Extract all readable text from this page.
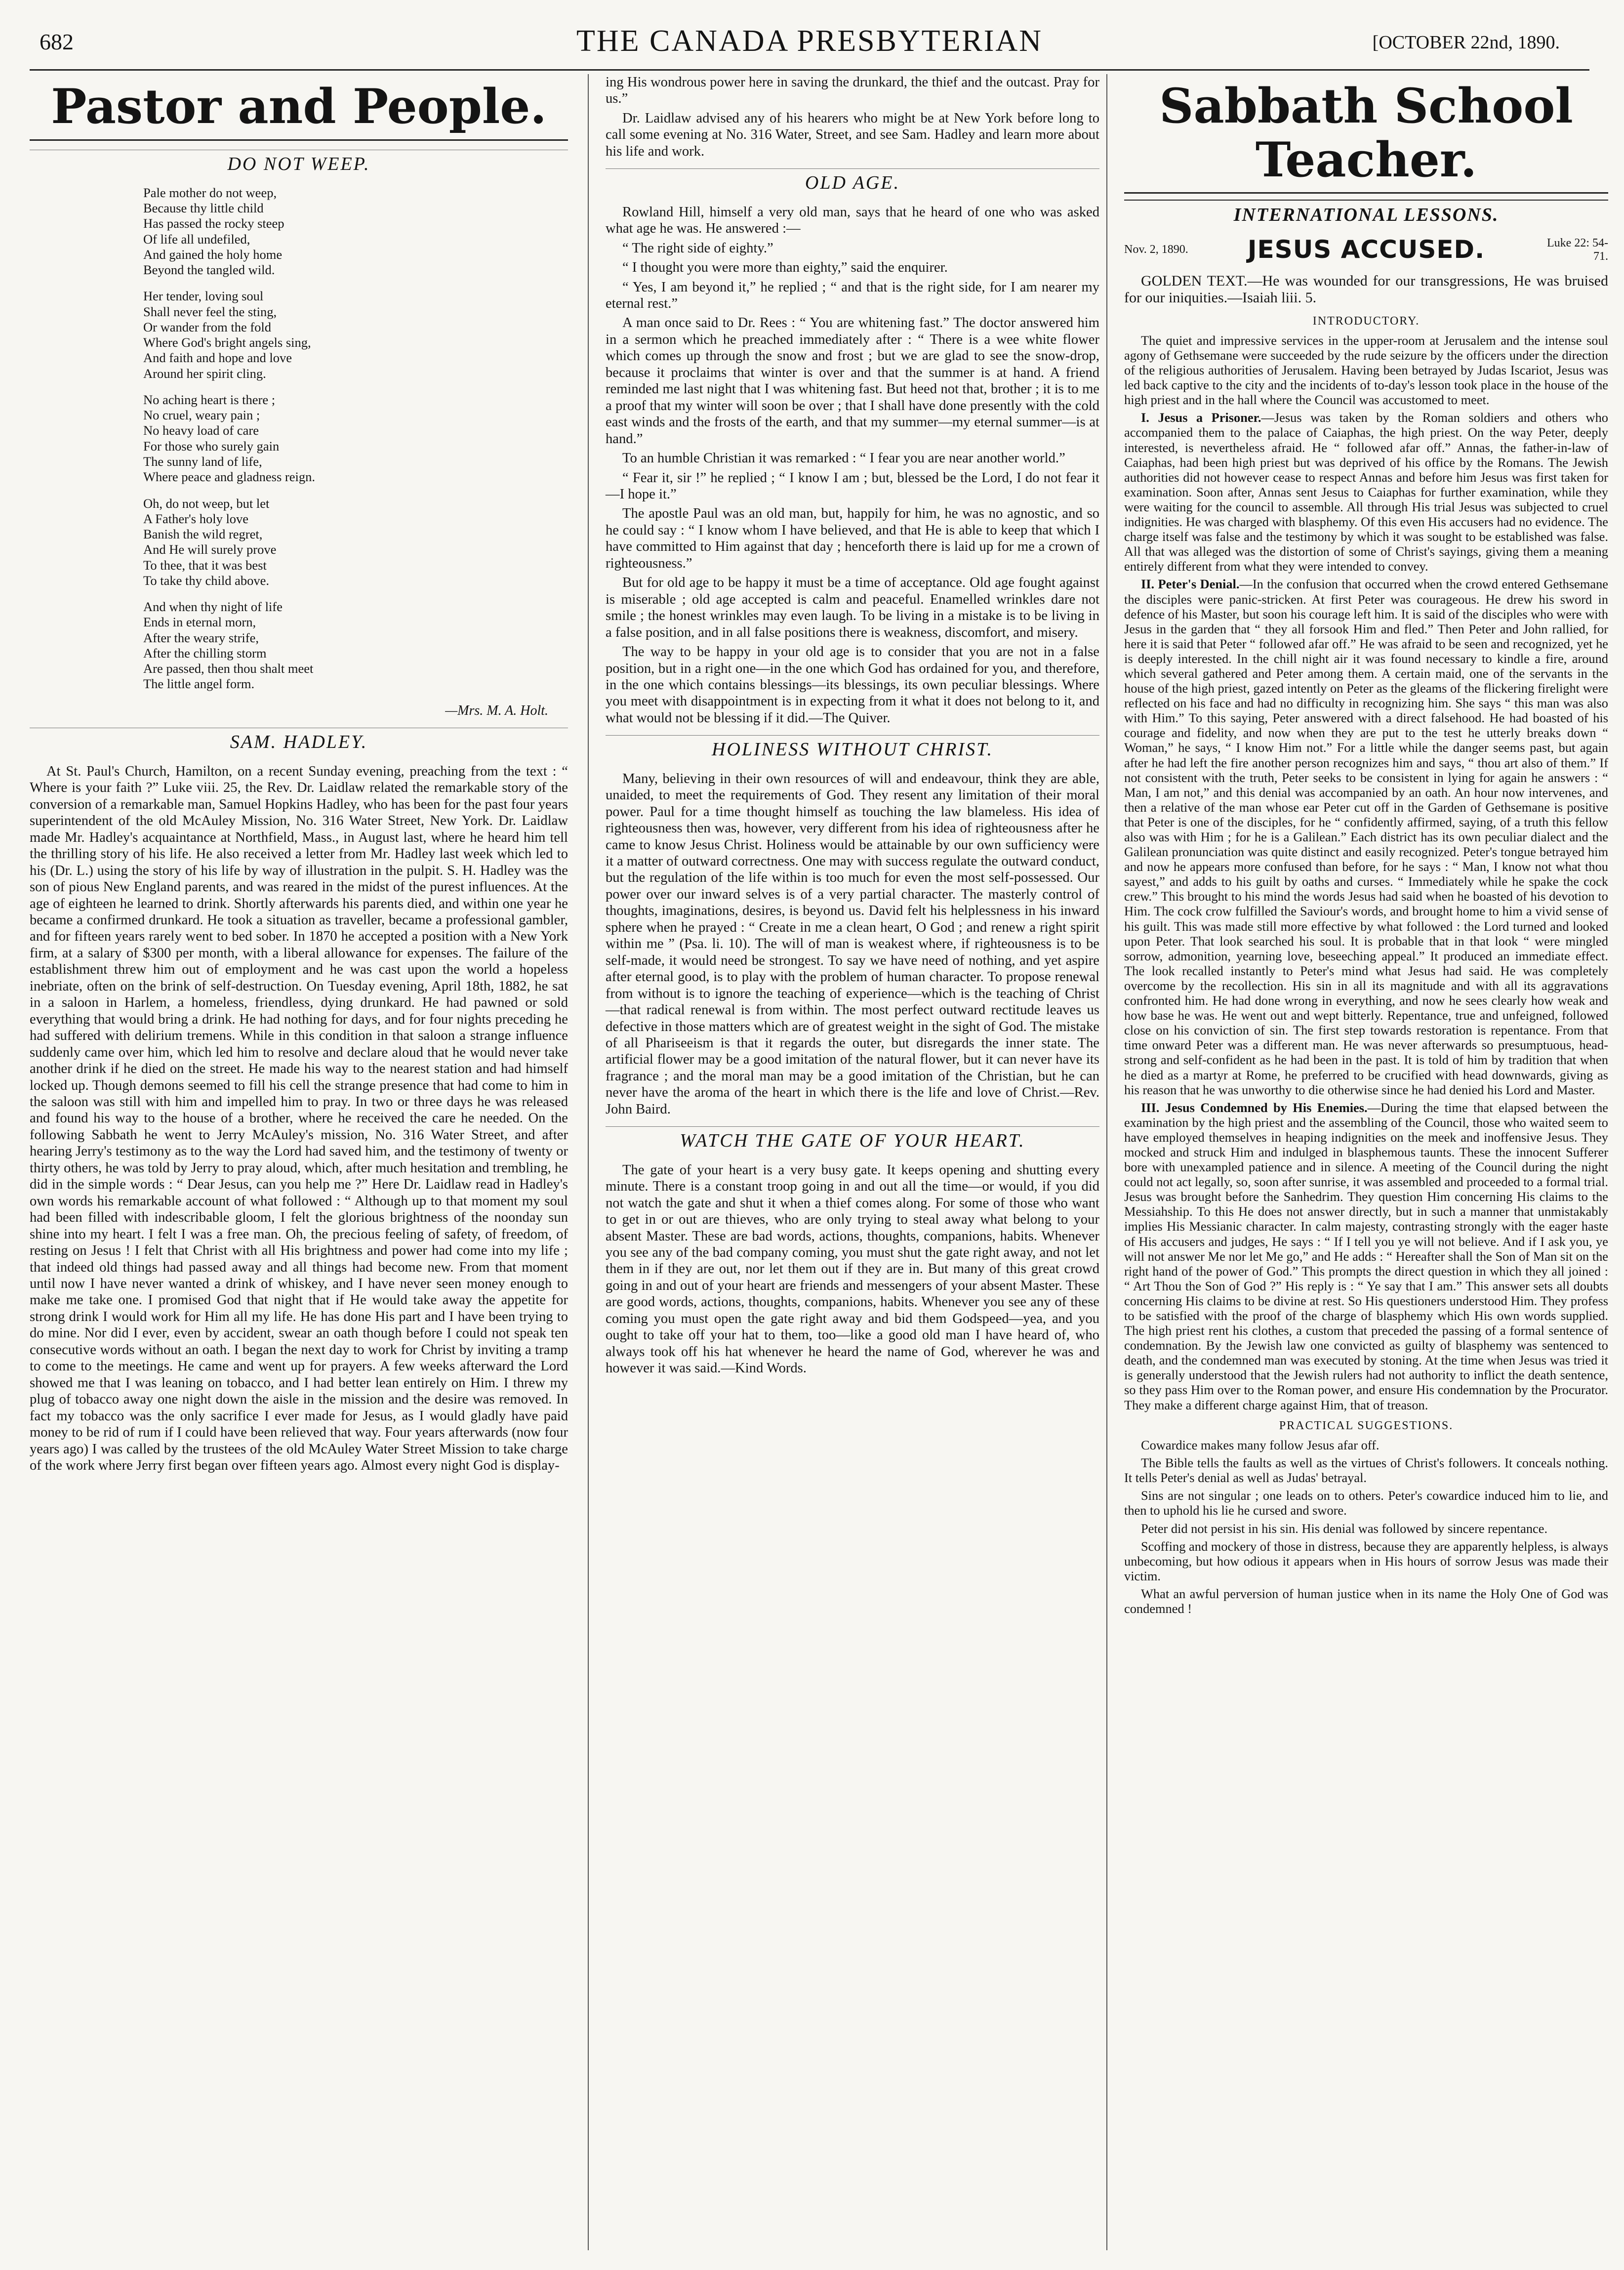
682	THE CANADA PRESBYTERIAN	[OCTOBER 22nd, 1890.
Pastor and People.
DO NOT WEEP.
Pale mother do not weep,
Because thy little child
Has passed the rocky steep
Of life all undefiled,
And gained the holy home
Beyond the tangled wild.
Her tender, loving soul
Shall never feel the sting,
Or wander from the fold
Where God's bright angels sing,
And faith and hope and love
Around her spirit cling.
No aching heart is there ;
No cruel, weary pain ;
No heavy load of care
For those who surely gain
The sunny land of life,
Where peace and gladness reign.
Oh, do not weep, but let
A Father's holy love
Banish the wild regret,
And He will surely prove
To thee, that it was best
To take thy child above.
And when thy night of life
Ends in eternal morn,
After the weary strife,
After the chilling storm
Are passed, then thou shalt meet
The little angel form.
—Mrs. M. A. Holt.
SAM. HADLEY.

At St. Paul's Church, Hamilton, on a recent Sunday evening, preaching from the text : “ Where is your faith ?” Luke viii. 25, the Rev. Dr. Laidlaw related the remarkable story of the conversion of a remarkable man, Samuel Hopkins Hadley, who has been for the past four years superintendent of the old McAuley Mission, No. 316 Water Street, New York. Dr. Laidlaw made Mr. Hadley's acquaintance at Northfield, Mass., in August last, where he heard him tell the thrilling story of his life. He also received a letter from Mr. Hadley last week which led to his (Dr. L.) using the story of his life by way of illustration in the pulpit. S. H. Hadley was the son of pious New England parents, and was reared in the midst of the purest influences. At the age of eighteen he learned to drink. Shortly afterwards his parents died, and within one year he became a confirmed drunkard. He took a situation as traveller, became a professional gambler, and for fifteen years rarely went to bed sober. In 1870 he accepted a position with a New York firm, at a salary of $300 per month, with a liberal allowance for expenses. The failure of the establishment threw him out of employment and he was cast upon the world a hopeless inebriate, often on the brink of self-destruction. On Tuesday evening, April 18th, 1882, he sat in a saloon in Harlem, a homeless, friendless, dying drunkard. He had pawned or sold everything that would bring a drink. He had nothing for days, and for four nights preceding he had suffered with delirium tremens. While in this condition in that saloon a strange influence suddenly came over him, which led him to resolve and declare aloud that he would never take another drink if he died on the street. He made his way to the nearest station and had himself locked up. Though demons seemed to fill his cell the strange presence that had come to him in the saloon was still with him and impelled him to pray. In two or three days he was released and found his way to the house of a brother, where he received the care he needed. On the following Sabbath he went to Jerry McAuley's mission, No. 316 Water Street, and after hearing Jerry's testimony as to the way the Lord had saved him, and the testimony of twenty or thirty others, he was told by Jerry to pray aloud, which, after much hesitation and trembling, he did in the simple words : “ Dear Jesus, can you help me ?” Here Dr. Laidlaw read in Hadley's own words his remarkable account of what followed : “ Although up to that moment my soul had been filled with indescribable gloom, I felt the glorious brightness of the noonday sun shine into my heart. I felt I was a free man. Oh, the precious feeling of safety, of freedom, of resting on Jesus ! I felt that Christ with all His brightness and power had come into my life ; that indeed old things had passed away and all things had become new. From that moment until now I have never wanted a drink of whiskey, and I have never seen money enough to make me take one. I promised God that night that if He would take away the appetite for strong drink I would work for Him all my life. He has done His part and I have been trying to do mine. Nor did I ever, even by accident, swear an oath though before I could not speak ten consecutive words without an oath. I began the next day to work for Christ by inviting a tramp to come to the meetings. He came and went up for prayers. A few weeks afterward the Lord showed me that I was leaning on tobacco, and I had better lean entirely on Him. I threw my plug of tobacco away one night down the aisle in the mission and the desire was removed. In fact my tobacco was the only sacrifice I ever made for Jesus, as I would gladly have paid money to be rid of rum if I could have been relieved that way. Four years afterwards (now four years ago) I was called by the trustees of the old McAuley Water Street Mission to take charge of the work where Jerry first began over fifteen years ago. Almost every night God is display-

ing His wondrous power here in saving the drunkard, the thief and the outcast. Pray for us.”

Dr. Laidlaw advised any of his hearers who might be at New York before long to call some evening at No. 316 Water, Street, and see Sam. Hadley and learn more about his life and work.

OLD AGE.

Rowland Hill, himself a very old man, says that he heard of one who was asked what age he was. He answered :—

“ The right side of eighty.”

“ I thought you were more than eighty,” said the enquirer.

“ Yes, I am beyond it,” he replied ; “ and that is the right side, for I am nearer my eternal rest.”

A man once said to Dr. Rees : “ You are whitening fast.” The doctor answered him in a sermon which he preached immediately after : “ There is a wee white flower which comes up through the snow and frost ; but we are glad to see the snow-drop, because it proclaims that winter is over and that the summer is at hand. A friend reminded me last night that I was whitening fast. But heed not that, brother ; it is to me a proof that my winter will soon be over ; that I shall have done presently with the cold east winds and the frosts of the earth, and that my summer—my eternal summer—is at hand.”

To an humble Christian it was remarked : “ I fear you are near another world.”

“ Fear it, sir !” he replied ; “ I know I am ; but, blessed be the Lord, I do not fear it—I hope it.”

The apostle Paul was an old man, but, happily for him, he was no agnostic, and so he could say : “ I know whom I have believed, and that He is able to keep that which I have committed to Him against that day ; henceforth there is laid up for me a crown of righteousness.”

But for old age to be happy it must be a time of acceptance. Old age fought against is miserable ; old age accepted is calm and peaceful. Enamelled wrinkles dare not smile ; the honest wrinkles may even laugh. To be living in a mistake is to be living in a false position, and in all false positions there is weakness, discomfort, and misery.

The way to be happy in your old age is to consider that you are not in a false position, but in a right one—in the one which God has ordained for you, and therefore, in the one which contains blessings—its blessings, its own peculiar blessings. Where you meet with disappointment is in expecting from it what it does not belong to it, and what would not be blessing if it did.—The Quiver.

HOLINESS WITHOUT CHRIST.

Many, believing in their own resources of will and endeavour, think they are able, unaided, to meet the requirements of God. They resent any limitation of their moral power. Paul for a time thought himself as touching the law blameless. His idea of righteousness then was, however, very different from his idea of righteousness after he came to know Jesus Christ. Holiness would be attainable by our own sufficiency were it a matter of outward correctness. One may with success regulate the outward conduct, but the regulation of the life within is too much for even the most self-possessed. Our power over our inward selves is of a very partial character. The masterly control of thoughts, imaginations, desires, is beyond us. David felt his helplessness in his inward sphere when he prayed : “ Create in me a clean heart, O God ; and renew a right spirit within me ” (Psa. li. 10). The will of man is weakest where, if righteousness is to be self-made, it would need be strongest. To say we have need of nothing, and yet aspire after eternal good, is to play with the problem of human character. To propose renewal from without is to ignore the teaching of experience—which is the teaching of Christ—that radical renewal is from within. The most perfect outward rectitude leaves us defective in those matters which are of greatest weight in the sight of God. The mistake of all Phariseeism is that it regards the outer, but disregards the inner state. The artificial flower may be a good imitation of the natural flower, but it can never have its fragrance ; and the moral man may be a good imitation of the Christian, but he can never have the aroma of the heart in which there is the life and love of Christ.—Rev. John Baird.

WATCH THE GATE OF YOUR HEART.

The gate of your heart is a very busy gate. It keeps opening and shutting every minute. There is a constant troop going in and out all the time—or would, if you did not watch the gate and shut it when a thief comes along. For some of those who want to get in or out are thieves, who are only trying to steal away what belong to your absent Master. These are bad words, actions, thoughts, companions, habits. Whenever you see any of the bad company coming, you must shut the gate right away, and not let them in if they are out, nor let them out if they are in. But many of this great crowd going in and out of your heart are friends and messengers of your absent Master. These are good words, actions, thoughts, companions, habits. Whenever you see any of these coming you must open the gate right away and bid them Godspeed—yea, and you ought to take off your hat to them, too—like a good old man I have heard of, who always took off his hat whenever he heard the name of God, wherever he was and however it was said.—Kind Words.

Sabbath School Teacher.
INTERNATIONAL LESSONS.
Nov. 2, 1890. JESUS ACCUSED.	Luke 22: 54-71.
GOLDEN TEXT.—He was wounded for our transgressions, He was bruised for our iniquities.—Isaiah liii. 5.
INTRODUCTORY.

The quiet and impressive services in the upper-room at Jerusalem and the intense soul agony of Gethsemane were succeeded by the rude seizure by the officers under the direction of the religious authorities of Jerusalem. Having been betrayed by Judas Iscariot, Jesus was led back captive to the city and the incidents of to-day's lesson took place in the house of the high priest and in the hall where the Council was accustomed to meet.

I. Jesus a Prisoner.—Jesus was taken by the Roman soldiers and others who accompanied them to the palace of Caiaphas, the high priest. On the way Peter, deeply interested, is nevertheless afraid. He “ followed afar off.” Annas, the father-in-law of Caiaphas, had been high priest but was deprived of his office by the Romans. The Jewish authorities did not however cease to respect Annas and before him Jesus was first taken for examination. Soon after, Annas sent Jesus to Caiaphas for further examination, while they were waiting for the council to assemble. All through His trial Jesus was subjected to cruel indignities. He was charged with blasphemy. Of this even His accusers had no evidence. The charge itself was false and the testimony by which it was sought to be established was false. All that was alleged was the distortion of some of Christ's sayings, giving them a meaning entirely different from what they were intended to convey.

II. Peter's Denial.—In the confusion that occurred when the crowd entered Gethsemane the disciples were panic-stricken. At first Peter was courageous. He drew his sword in defence of his Master, but soon his courage left him. It is said of the disciples who were with Jesus in the garden that “ they all forsook Him and fled.” Then Peter and John rallied, for here it is said that Peter “ followed afar off.” He was afraid to be seen and recognized, yet he is deeply interested. In the chill night air it was found necessary to kindle a fire, around which several gathered and Peter among them. A certain maid, one of the servants in the house of the high priest, gazed intently on Peter as the gleams of the flickering firelight were reflected on his face and had no difficulty in recognizing him. She says “ this man was also with Him.” To this saying, Peter answered with a direct falsehood. He had boasted of his courage and fidelity, and now when they are put to the test he utterly breaks down “ Woman,” he says, “ I know Him not.” For a little while the danger seems past, but again after he had left the fire another person recognizes him and says, “ thou art also of them.” If not consistent with the truth, Peter seeks to be consistent in lying for again he answers : “ Man, I am not,” and this denial was accompanied by an oath. An hour now intervenes, and then a relative of the man whose ear Peter cut off in the Garden of Gethsemane is positive that Peter is one of the disciples, for he “ confidently affirmed, saying, of a truth this fellow also was with Him ; for he is a Galilean.” Each district has its own peculiar dialect and the Galilean pronunciation was quite distinct and easily recognized. Peter's tongue betrayed him and now he appears more confused than before, for he says : “ Man, I know not what thou sayest,” and adds to his guilt by oaths and curses. “ Immediately while he spake the cock crew.” This brought to his mind the words Jesus had said when he boasted of his devotion to Him. The cock crow fulfilled the Saviour's words, and brought home to him a vivid sense of his guilt. This was made still more effective by what followed : the Lord turned and looked upon Peter. That look searched his soul. It is probable that in that look “ were mingled sorrow, admonition, yearning love, beseeching appeal.” It produced an immediate effect. The look recalled instantly to Peter's mind what Jesus had said. He was completely overcome by the recollection. His sin in all its magnitude and with all its aggravations confronted him. He had done wrong in everything, and now he sees clearly how weak and how base he was. He went out and wept bitterly. Repentance, true and unfeigned, followed close on his conviction of sin. The first step towards restoration is repentance. From that time onward Peter was a different man. He was never afterwards so presumptuous, head-strong and self-confident as he had been in the past. It is told of him by tradition that when he died as a martyr at Rome, he preferred to be crucified with head downwards, giving as his reason that he was unworthy to die otherwise since he had denied his Lord and Master.

III. Jesus Condemned by His Enemies.—During the time that elapsed between the examination by the high priest and the assembling of the Council, those who waited seem to have employed themselves in heaping indignities on the meek and inoffensive Jesus. They mocked and struck Him and indulged in blasphemous taunts. These the innocent Sufferer bore with unexampled patience and in silence. A meeting of the Council during the night could not act legally, so, soon after sunrise, it was assembled and proceeded to a formal trial. Jesus was brought before the Sanhedrim. They question Him concerning His claims to the Messiahship. To this He does not answer directly, but in such a manner that unmistakably implies His Messianic character. In calm majesty, contrasting strongly with the eager haste of His accusers and judges, He says : “ If I tell you ye will not believe. And if I ask you, ye will not answer Me nor let Me go,” and He adds : “ Hereafter shall the Son of Man sit on the right hand of the power of God.” This prompts the direct question in which they all joined : “ Art Thou the Son of God ?” His reply is : “ Ye say that I am.” This answer sets all doubts concerning His claims to be divine at rest. So His questioners understood Him. They profess to be satisfied with the proof of the charge of blasphemy which His own words supplied. The high priest rent his clothes, a custom that preceded the passing of a formal sentence of condemnation. By the Jewish law one convicted as guilty of blasphemy was sentenced to death, and the condemned man was executed by stoning. At the time when Jesus was tried it is generally understood that the Jewish rulers had not authority to inflict the death sentence, so they pass Him over to the Roman power, and ensure His condemnation by the Procurator. They make a different charge against Him, that of treason.

PRACTICAL SUGGESTIONS.

Cowardice makes many follow Jesus afar off.

The Bible tells the faults as well as the virtues of Christ's followers. It conceals nothing. It tells Peter's denial as well as Judas' betrayal.

Sins are not singular ; one leads on to others. Peter's cowardice induced him to lie, and then to uphold his lie he cursed and swore.

Peter did not persist in his sin. His denial was followed by sincere repentance.

Scoffing and mockery of those in distress, because they are apparently helpless, is always unbecoming, but how odious it appears when in His hours of sorrow Jesus was made their victim.

What an awful perversion of human justice when in its name the Holy One of God was condemned !
